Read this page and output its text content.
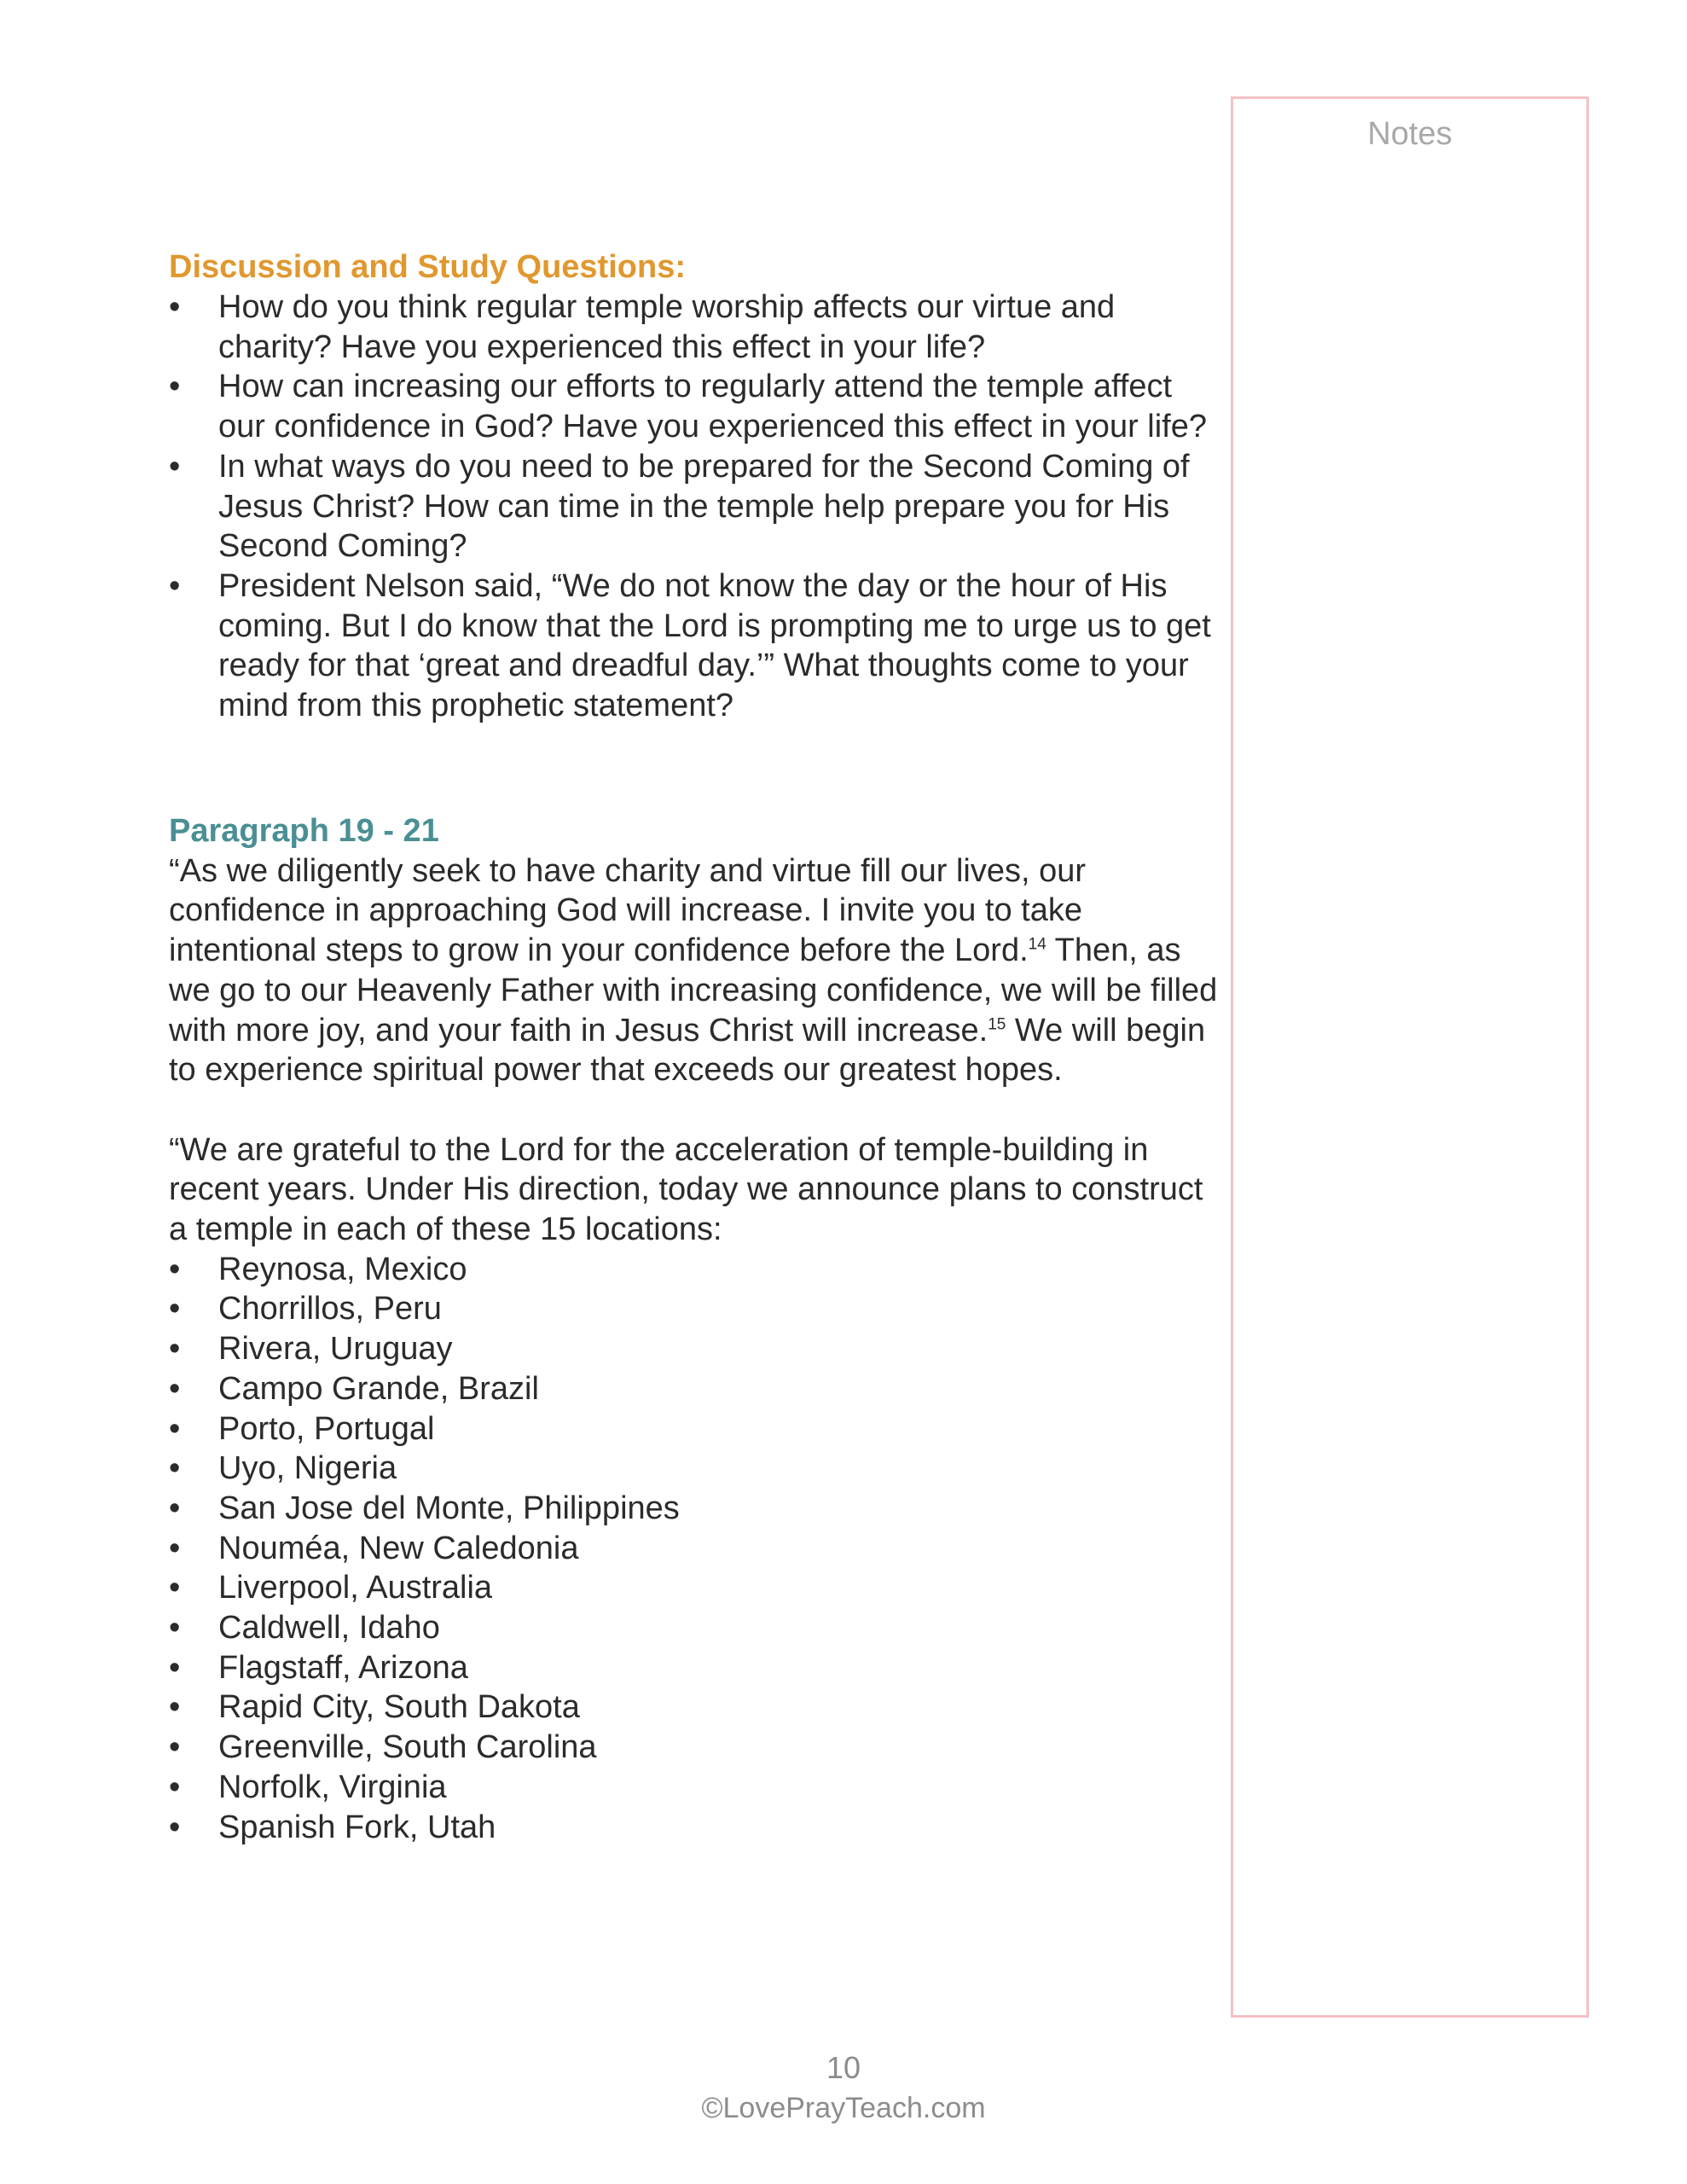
Notes
Discussion and Study Questions:
•	How do you think regular temple worship affects our virtue and charity? Have you experienced this effect in your life?
•	How can increasing our efforts to regularly attend the temple affect our confidence in God? Have you experienced this effect in your life?
•	In what ways do you need to be prepared for the Second Coming of Jesus Christ? How can time in the temple help prepare you for His Second Coming?
•	President Nelson said, “We do not know the day or the hour of His coming. But I do know that the Lord is prompting me to urge us to get ready for that ‘great and dreadful day.’” What thoughts come to your mind from this prophetic statement?
Paragraph 19 - 21

“As we diligently seek to have charity and virtue fill our lives, our confidence in approaching God will increase. I invite you to take intentional steps to grow in your confidence before the Lord.$^{14}$ Then, as we go to our Heavenly Father with increasing confidence, we will be filled with more joy, and your faith in Jesus Christ will increase.$^{15}$ We will begin to experience spiritual power that exceeds our greatest hopes.

“We are grateful to the Lord for the acceleration of temple-building in recent years. Under His direction, today we announce plans to construct a temple in each of these 15 locations:

•	Reynosa, Mexico
•	Chorrillos, Peru
•	Rivera, Uruguay
•	Campo Grande, Brazil
•	Porto, Portugal
•	Uyo, Nigeria
•	San Jose del Monte, Philippines
•	Nouméa, New Caledonia
•	Liverpool, Australia
•	Caldwell, Idaho
•	Flagstaff, Arizona
•	Rapid City, South Dakota
•	Greenville, South Carolina
•	Norfolk, Virginia
•	Spanish Fork, Utah
10
©LovePrayTeach.com
